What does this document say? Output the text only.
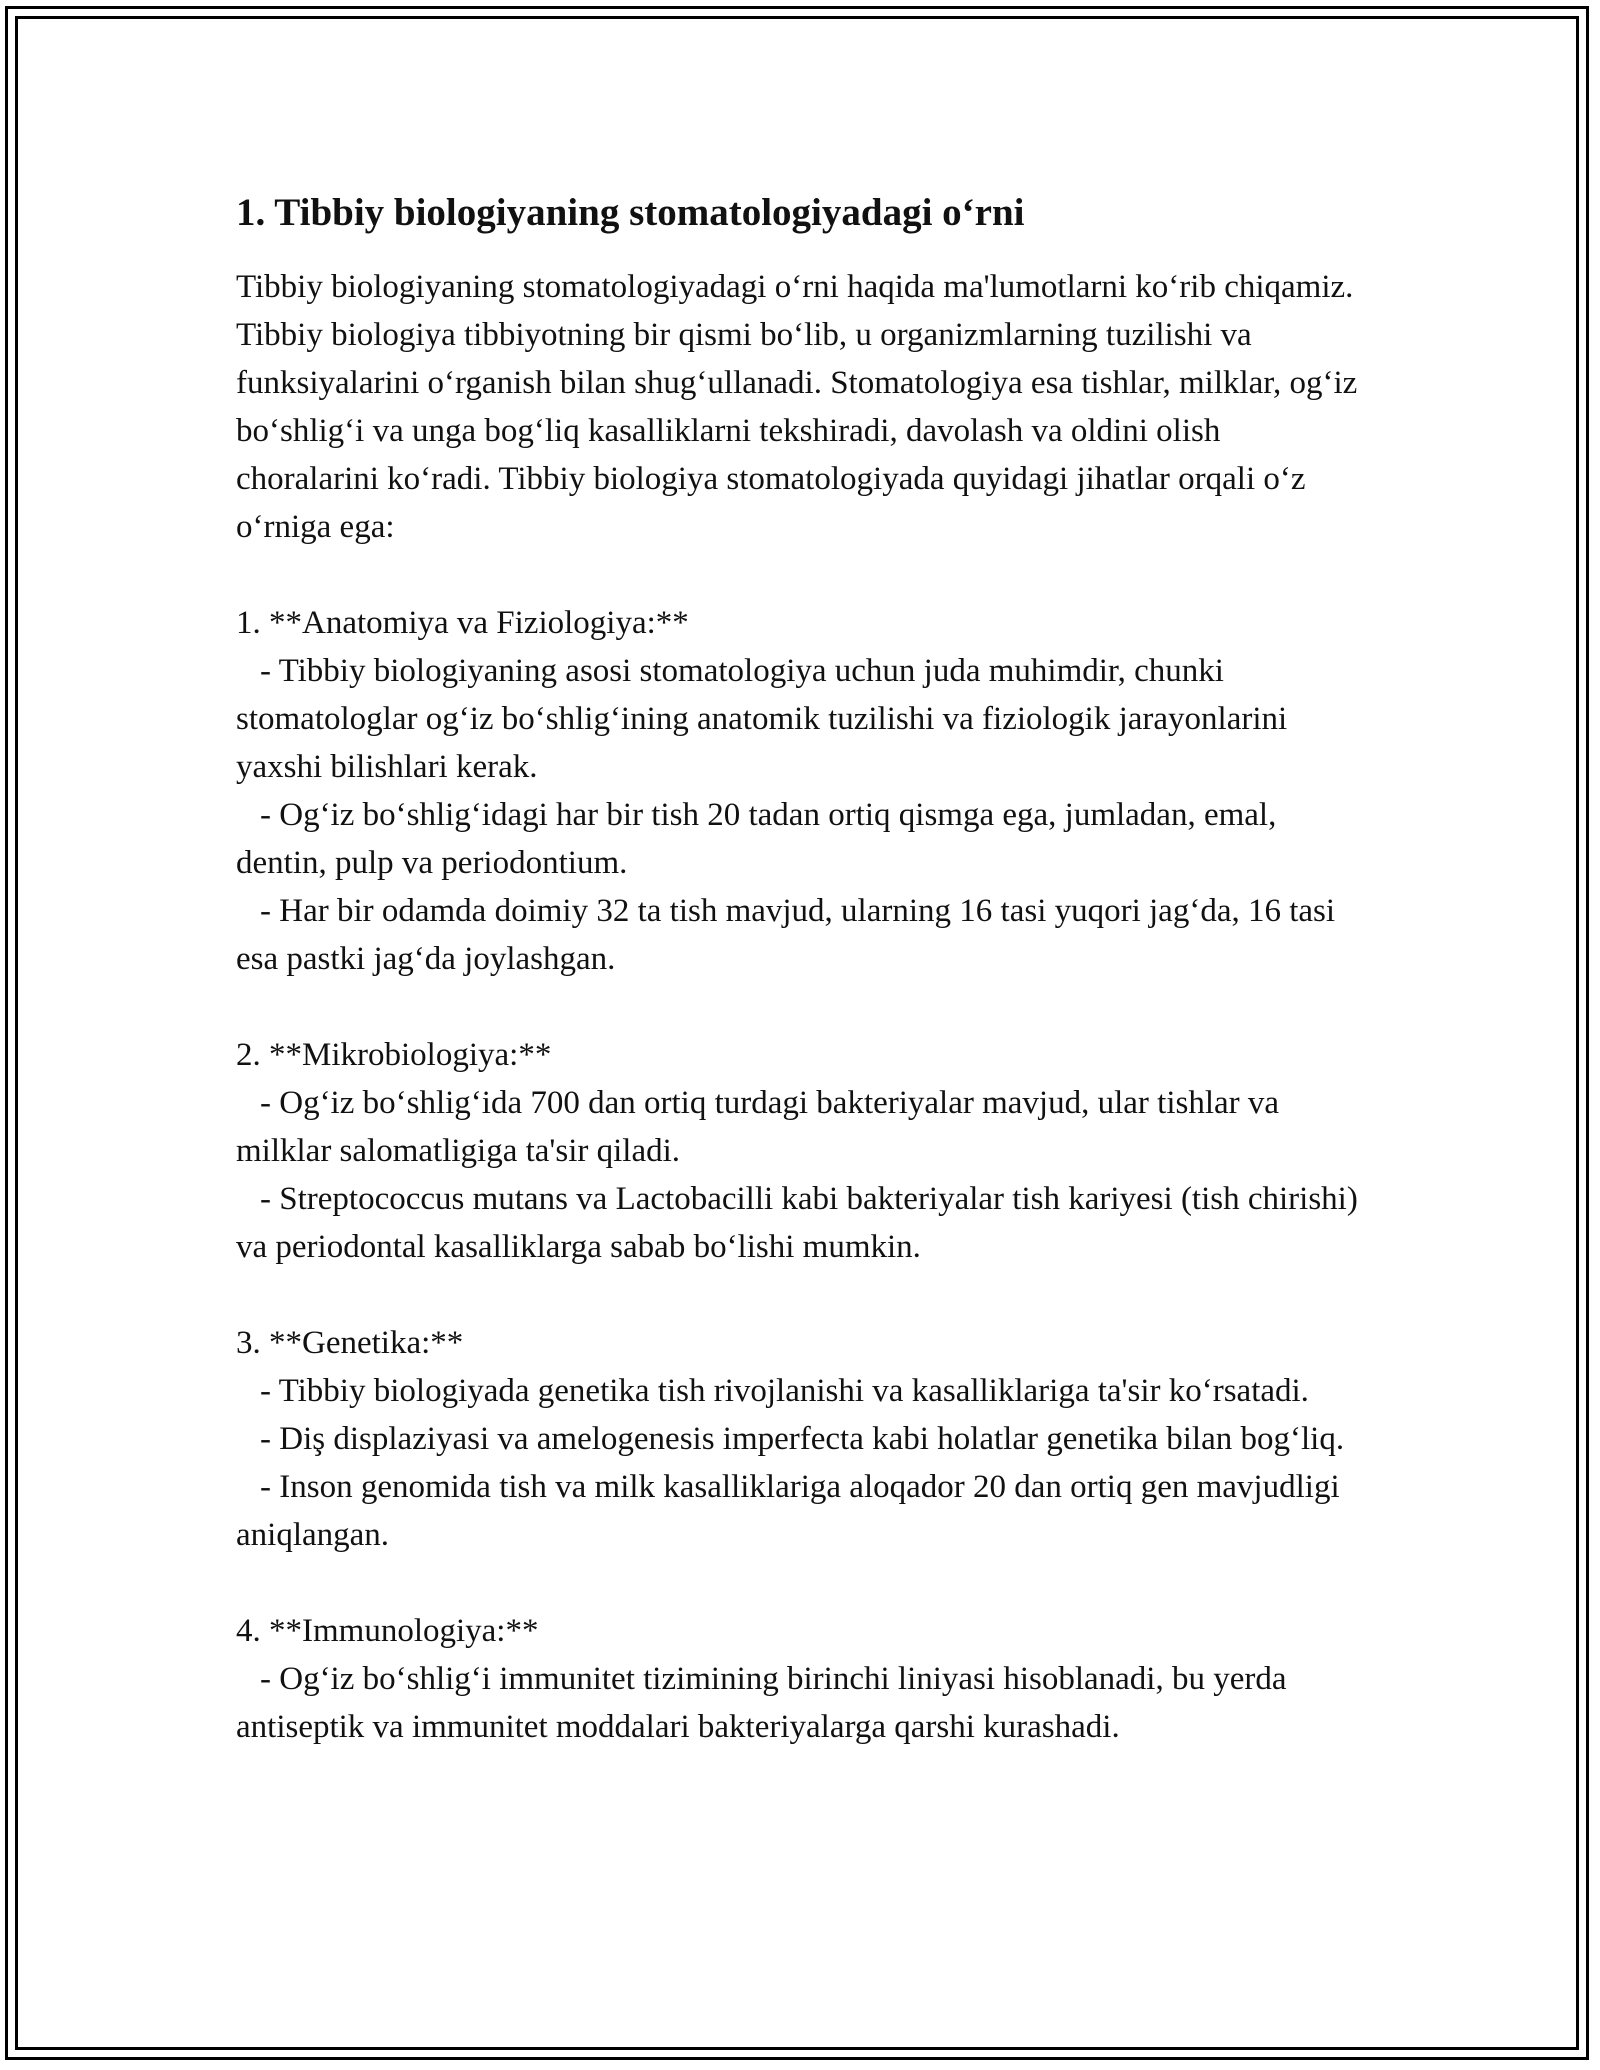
1. Tibbiy biologiyaning stomatologiyadagi o‘rni

Tibbiy biologiyaning stomatologiyadagi o‘rni haqida ma'lumotlarni ko‘rib chiqamiz. Tibbiy biologiya tibbiyotning bir qismi bo‘lib, u organizmlarning tuzilishi va funksiyalarini o‘rganish bilan shug‘ullanadi. Stomatologiya esa tishlar, milklar, og‘iz bo‘shlig‘i va unga bog‘liq kasalliklarni tekshiradi, davolash va oldini olish choralarini ko‘radi. Tibbiy biologiya stomatologiyada quyidagi jihatlar orqali o‘z o‘rniga ega:

1. **Anatomiya va Fiziologiya:**
- Tibbiy biologiyaning asosi stomatologiya uchun juda muhimdir, chunki stomatologlar og‘iz bo‘shlig‘ining anatomik tuzilishi va fiziologik jarayonlarini yaxshi bilishlari kerak.
- Og‘iz bo‘shlig‘idagi har bir tish 20 tadan ortiq qismga ega, jumladan, emal, dentin, pulp va periodontium.
- Har bir odamda doimiy 32 ta tish mavjud, ularning 16 tasi yuqori jag‘da, 16 tasi esa pastki jag‘da joylashgan.
2. **Mikrobiologiya:**
- Og‘iz bo‘shlig‘ida 700 dan ortiq turdagi bakteriyalar mavjud, ular tishlar va milklar salomatligiga ta'sir qiladi.
- Streptococcus mutans va Lactobacilli kabi bakteriyalar tish kariyesi (tish chirishi) va periodontal kasalliklarga sabab bo‘lishi mumkin.
3. **Genetika:**
- Tibbiy biologiyada genetika tish rivojlanishi va kasalliklariga ta'sir ko‘rsatadi.
- Diş displaziyasi va amelogenesis imperfecta kabi holatlar genetika bilan bog‘liq.
- Inson genomida tish va milk kasalliklariga aloqador 20 dan ortiq gen mavjudligi aniqlangan.
4. **Immunologiya:**
- Og‘iz bo‘shlig‘i immunitet tizimining birinchi liniyasi hisoblanadi, bu yerda antiseptik va immunitet moddalari bakteriyalarga qarshi kurashadi.
